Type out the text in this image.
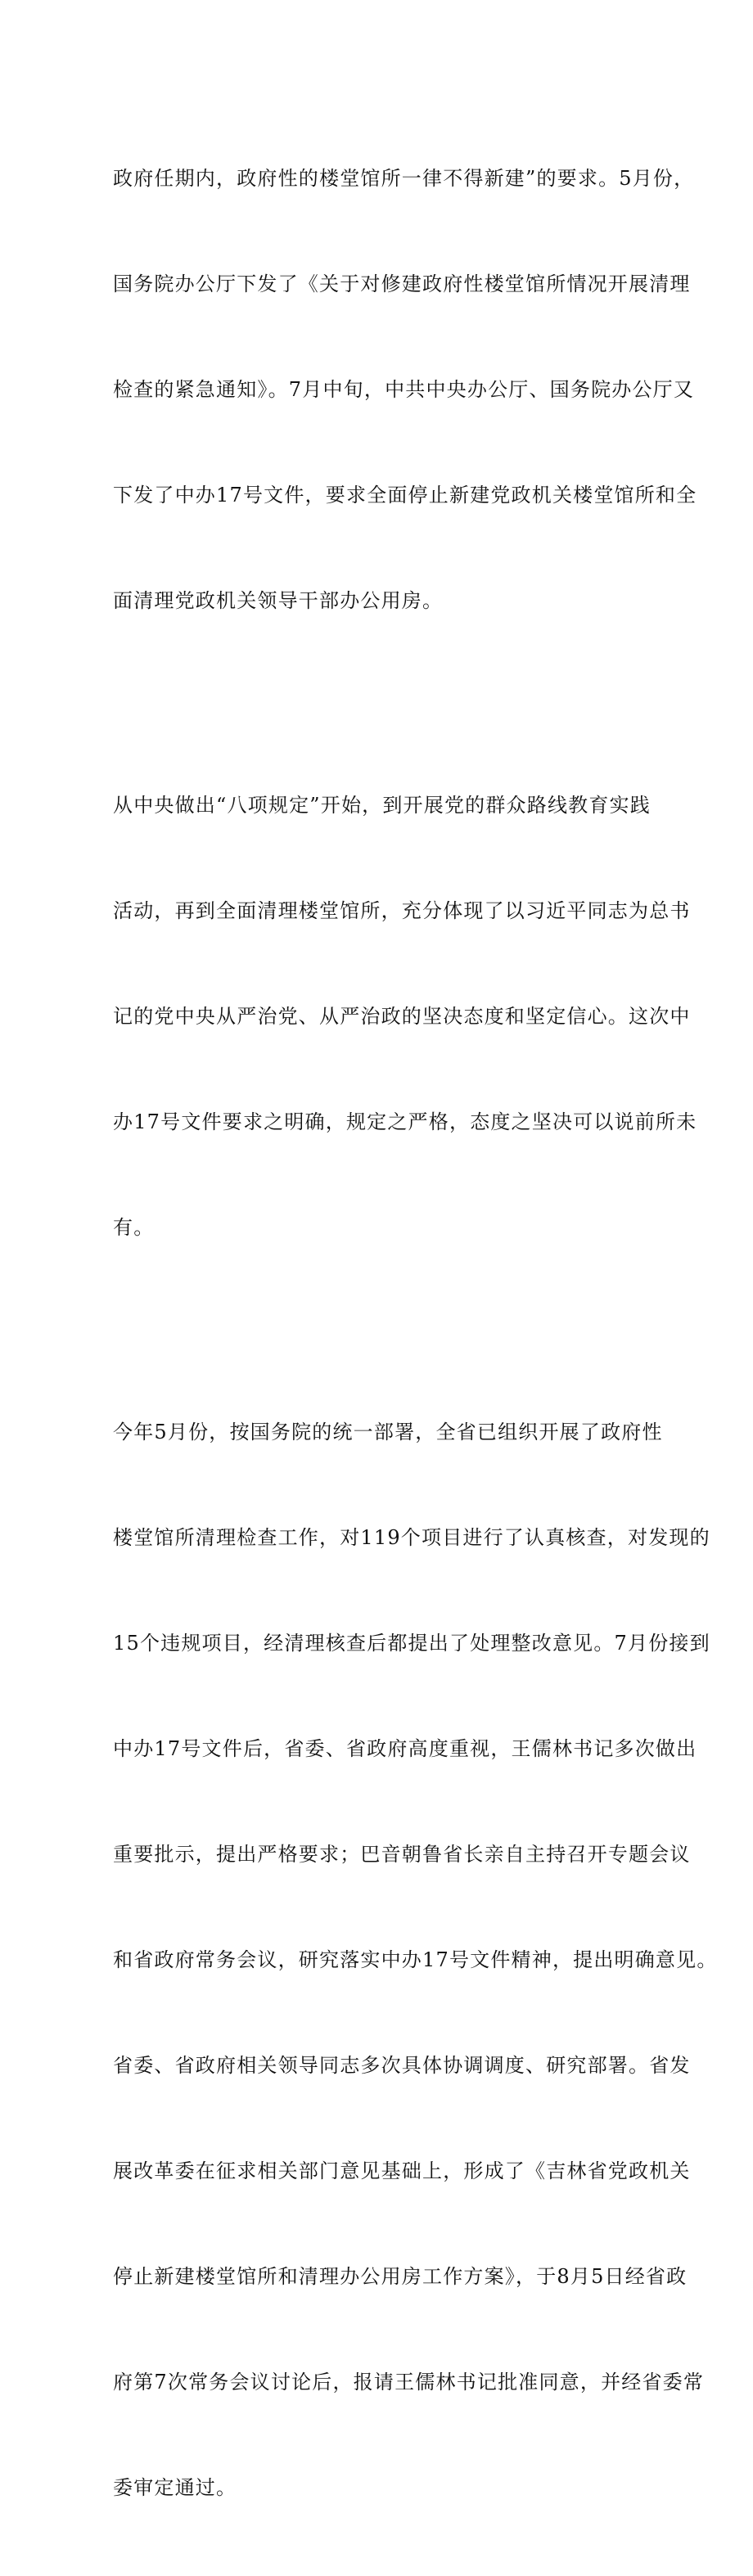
政府任期内，政府性的楼堂馆所一律不得新建”的要求。5月份，

国务院办公厅下发了《关于对修建政府性楼堂馆所情况开展清理

检查的紧急通知》。7月中旬，中共中央办公厅、国务院办公厅又

下发了中办17号文件，要求全面停止新建党政机关楼堂馆所和全

面清理党政机关领导干部办公用房。

从中央做出“八项规定”开始，到开展党的群众路线教育实践

活动，再到全面清理楼堂馆所，充分体现了以习近平同志为总书

记的党中央从严治党、从严治政的坚决态度和坚定信心。这次中

办17号文件要求之明确，规定之严格，态度之坚决可以说前所未

有。

今年5月份，按国务院的统一部署，全省已组织开展了政府性

楼堂馆所清理检查工作，对119个项目进行了认真核查，对发现的

15个违规项目，经清理核查后都提出了处理整改意见。7月份接到

中办17号文件后，省委、省政府高度重视，王儒林书记多次做出

重要批示，提出严格要求；巴音朝鲁省长亲自主持召开专题会议

和省政府常务会议，研究落实中办17号文件精神，提出明确意见。

省委、省政府相关领导同志多次具体协调调度、研究部署。省发

展改革委在征求相关部门意见基础上，形成了《吉林省党政机关

停止新建楼堂馆所和清理办公用房工作方案》，于8月5日经省政

府第7次常务会议讨论后，报请王儒林书记批准同意，并经省委常

委审定通过。
